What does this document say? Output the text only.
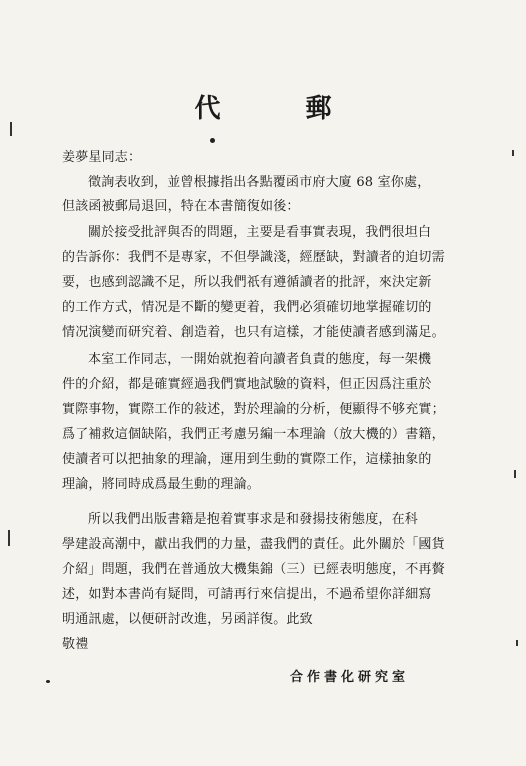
代 郵
姜夢星同志：
徵詢表收到，並曾根據指出各點覆函市府大廈 68 室你處，
但該函被郵局退回，特在本書簡復如後：
關於接受批評與否的問題，主要是看事實表現，我們很坦白
的告訴你：我們不是專家，不但學識淺，經歷缺，對讀者的迫切需
要，也感到認識不足，所以我們祇有遵循讀者的批評，來決定新
的工作方式，情况是不斷的變更着，我們必須確切地掌握確切的
情况演變而研究着、創造着，也只有這樣，才能使讀者感到滿足。
本室工作同志，一開始就抱着向讀者負責的態度，每一架機
件的介紹，都是確實經過我們實地試驗的資料，但正因爲注重於
實際事物，實際工作的敍述，對於理論的分析，便顯得不够充實；
爲了補救這個缺陷，我們正考慮另編一本理論（放大機的）書籍，
使讀者可以把抽象的理論，運用到生動的實際工作，這樣抽象的
理論，將同時成爲最生動的理論。
所以我們出版書籍是抱着實事求是和發揚技術態度，在科
學建設高潮中，獻出我們的力量，盡我們的責任。此外關於「國貨
介紹」問題，我們在普通放大機集錦（三）已經表明態度，不再贅
述，如對本書尚有疑問，可請再行來信提出，不過希望你詳細寫
明通訊處，以便研討改進，另函詳復。此致
敬禮
合作書化研究室
